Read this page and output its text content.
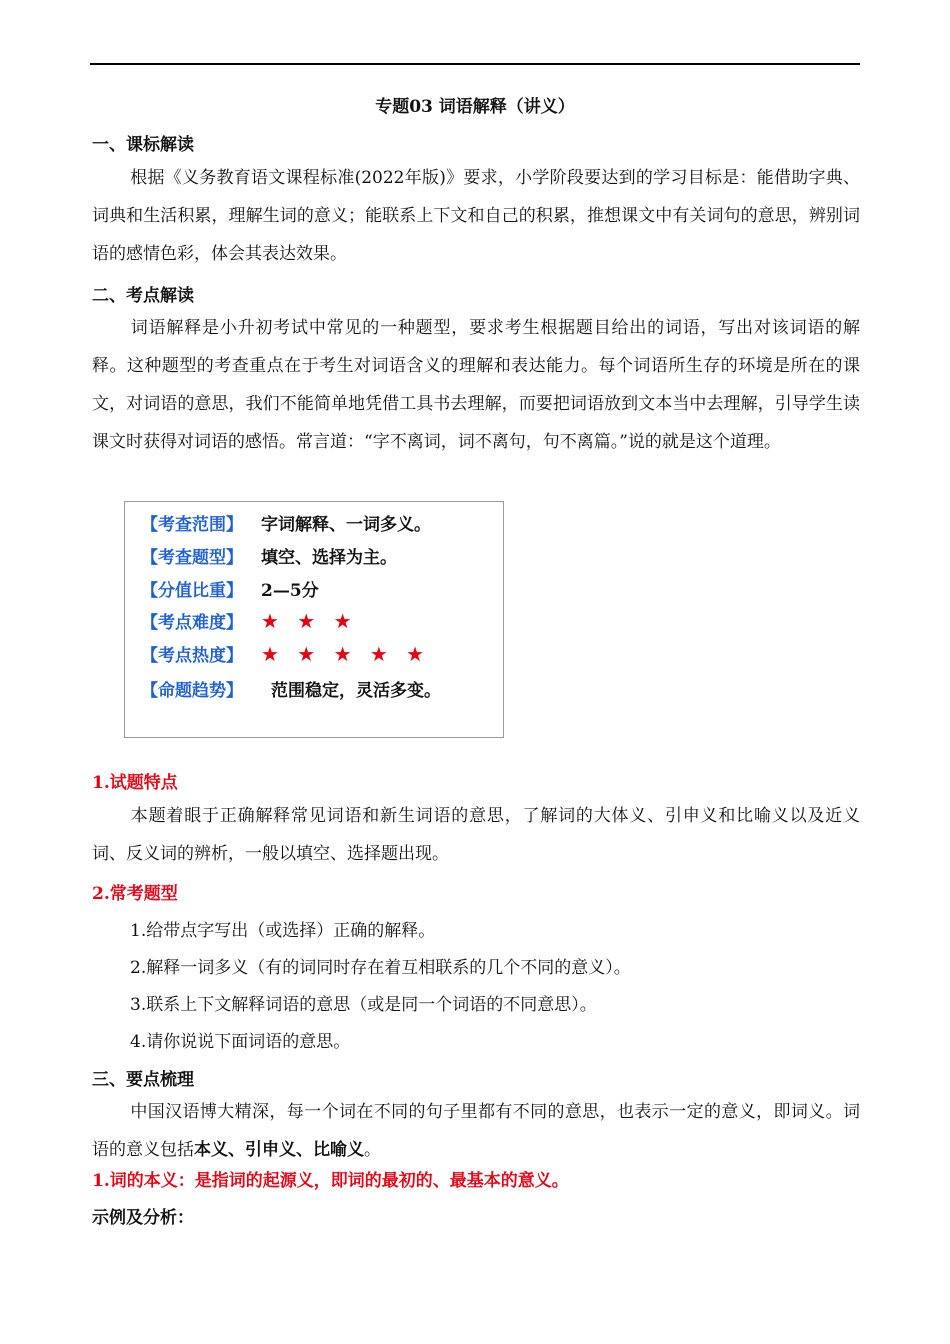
专题03 词语解释（讲义）
一、课标解读
根据《义务教育语文课程标准(2022年版)》要求，小学阶段要达到的学习目标是：能借助字典、词典和生活积累，理解生词的意义；能联系上下文和自己的积累，推想课文中有关词句的意思，辨别词语的感情色彩，体会其表达效果。
二、考点解读
词语解释是小升初考试中常见的一种题型，要求考生根据题目给出的词语，写出对该词语的解释。这种题型的考查重点在于考生对词语含义的理解和表达能力。每个词语所生存的环境是所在的课文，对词语的意思，我们不能简单地凭借工具书去理解，而要把词语放到文本当中去理解，引导学生读课文时获得对词语的感悟。常言道：“字不离词，词不离句，句不离篇。”说的就是这个道理。
【考查范围】 字词解释、一词多义。
【考查题型】 填空、选择为主。
【分值比重】 2—5分
【考点难度】 ★ ★ ★
【考点热度】 ★ ★ ★ ★ ★
【命题趋势】 范围稳定，灵活多变。
1.试题特点
本题着眼于正确解释常见词语和新生词语的意思，了解词的大体义、引申义和比喻义以及近义词、反义词的辨析，一般以填空、选择题出现。
2.常考题型
1.给带点字写出（或选择）正确的解释。
2.解释一词多义（有的词同时存在着互相联系的几个不同的意义）。
3.联系上下文解释词语的意思（或是同一个词语的不同意思）。
4.请你说说下面词语的意思。
三、要点梳理
中国汉语博大精深，每一个词在不同的句子里都有不同的意思，也表示一定的意义，即词义。词语的意义包括本义、引申义、比喻义。
1.词的本义：是指词的起源义，即词的最初的、最基本的意义。
示例及分析：
